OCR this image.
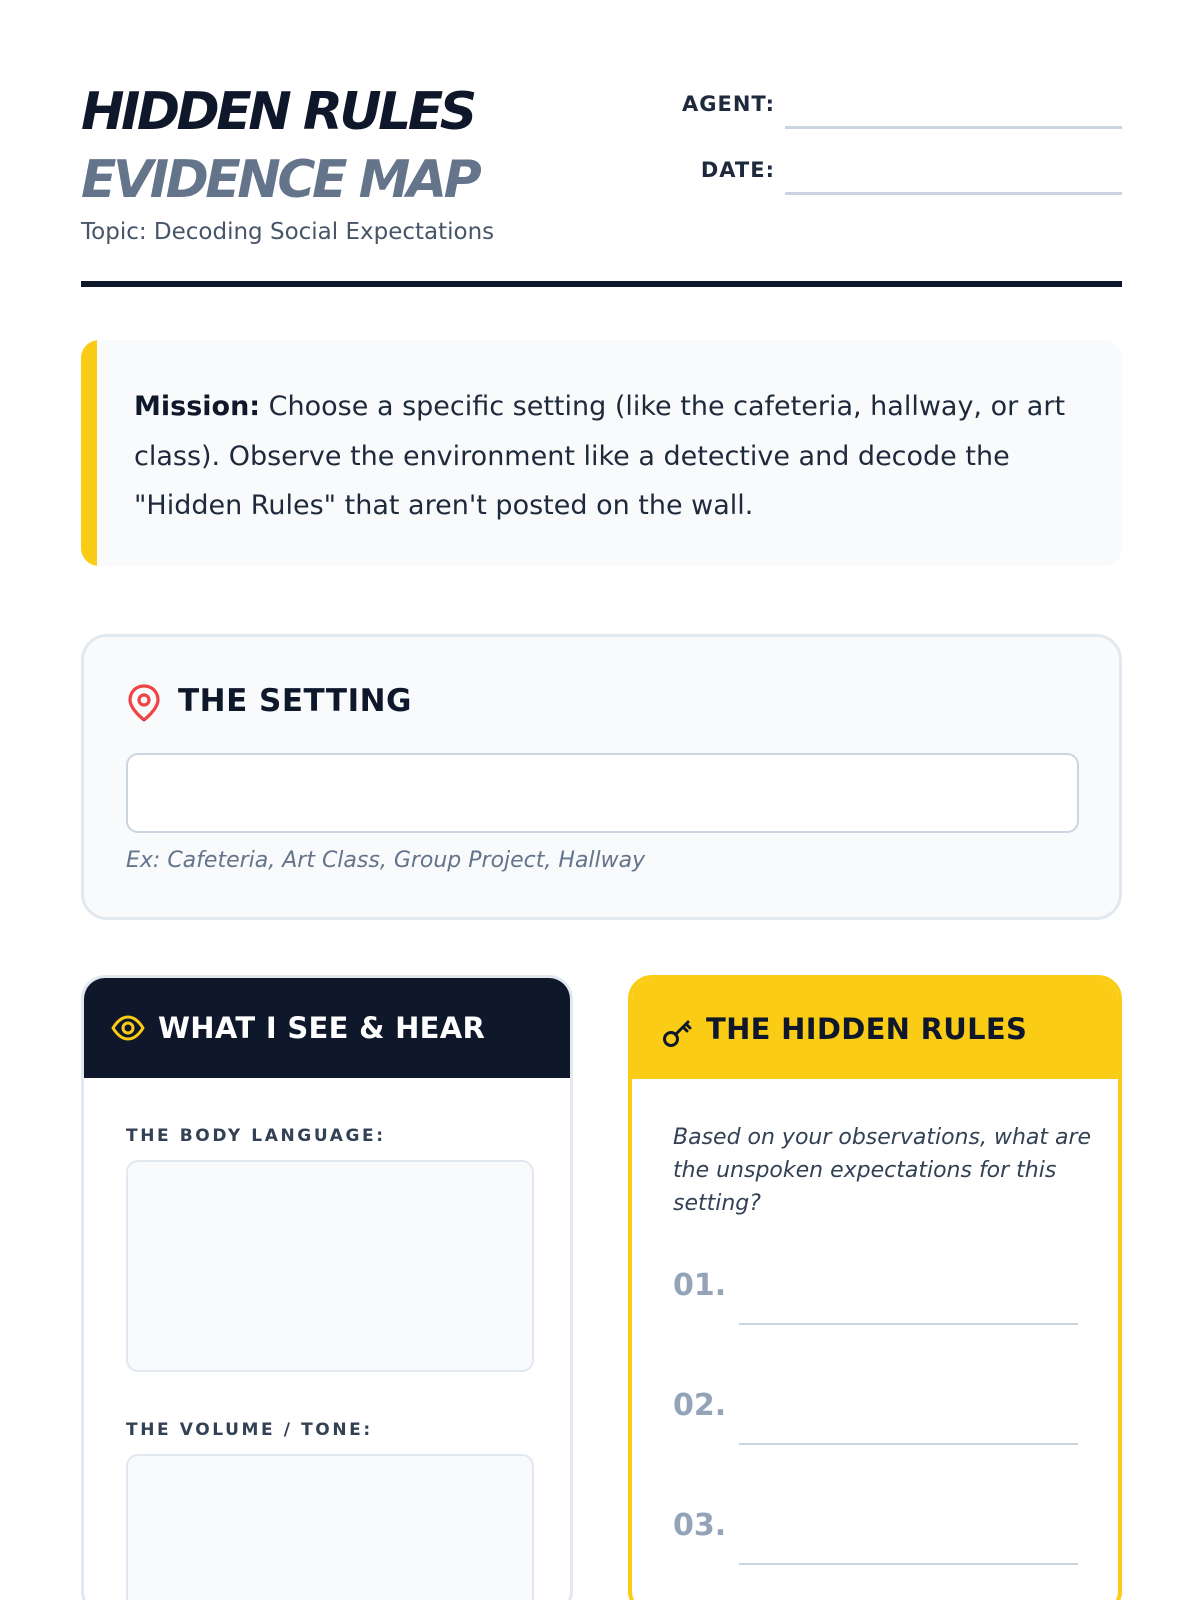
HIDDEN RULES
EVIDENCE MAP
Topic: Decoding Social Expectations
AGENT:
DATE:

Mission: Choose a specific setting (like the cafeteria, hallway, or art class). Observe the environment like a detective and decode the "Hidden Rules" that aren't posted on the wall.

THE SETTING
Ex: Cafeteria, Art Class, Group Project, Hallway
WHAT I SEE & HEAR
THE BODY LANGUAGE:
THE VOLUME / TONE:
THE HIDDEN RULES
Based on your observations, what are the unspoken expectations for this setting?
01.
02.
03.
